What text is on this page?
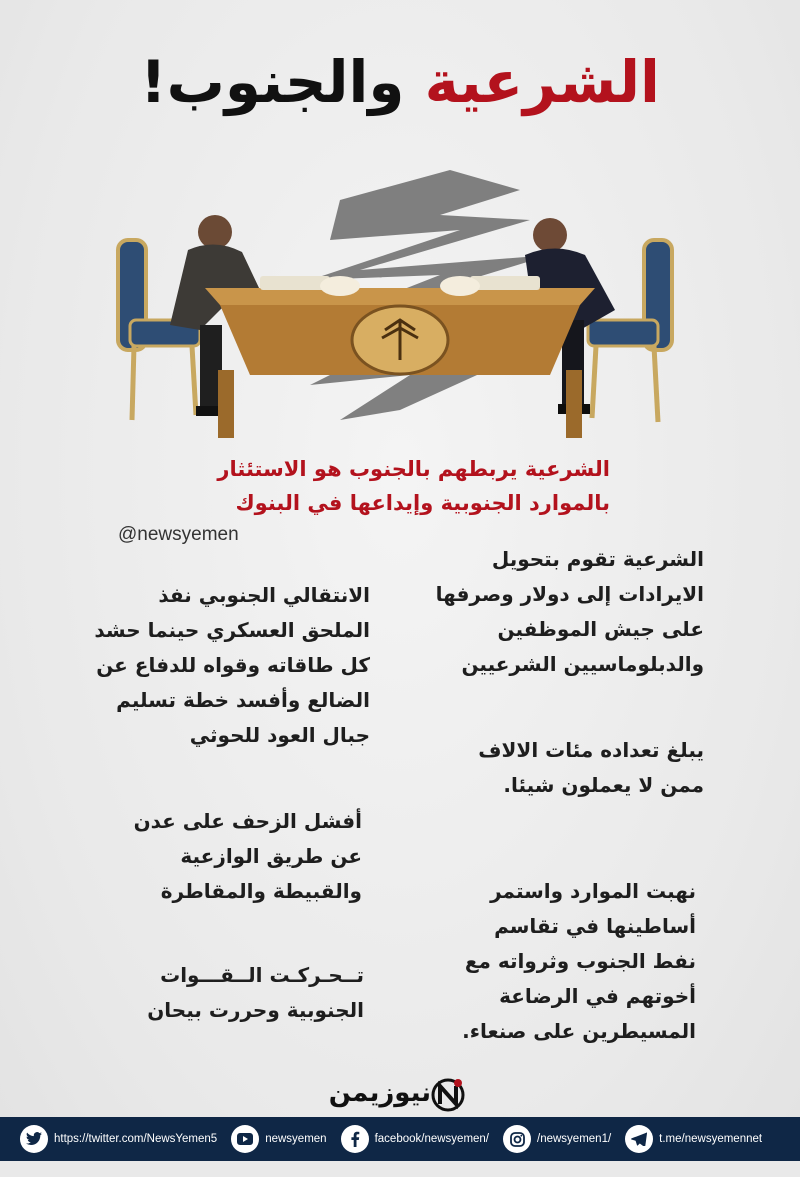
الشرعية والجنوب!

الشرعية يربطهم بالجنوب هو الاستئثار

بالموارد الجنوبية وإيداعها في البنوك

@newsyemen

الشرعية تقوم بتحويل

الايرادات إلى دولار وصرفها

على جيش الموظفين

والدبلوماسيين الشرعيين

يبلغ تعداده مئات الالاف

ممن لا يعملون شيئا.

نهبت الموارد واستمر

أساطينها في تقاسم

نفط الجنوب وثرواته مع

أخوتهم في الرضاعة

المسيطرين على صنعاء.

الانتقالي الجنوبي نفذ

الملحق العسكري حينما حشد

كل طاقاته وقواه للدفاع عن

الضالع وأفسد خطة تسليم

جبال العود للحوثي

أفشل الزحف على عدن

عن طريق الوازعية

والقبيطة والمقاطرة

تــحـركـت الــقـــوات

الجنوبية وحررت بيحان

نيوزيمن
https://twitter.com/NewsYemen5	newsyemen	facebook/newsyemen/	/newsyemen1/	t.me/newsyemennet
